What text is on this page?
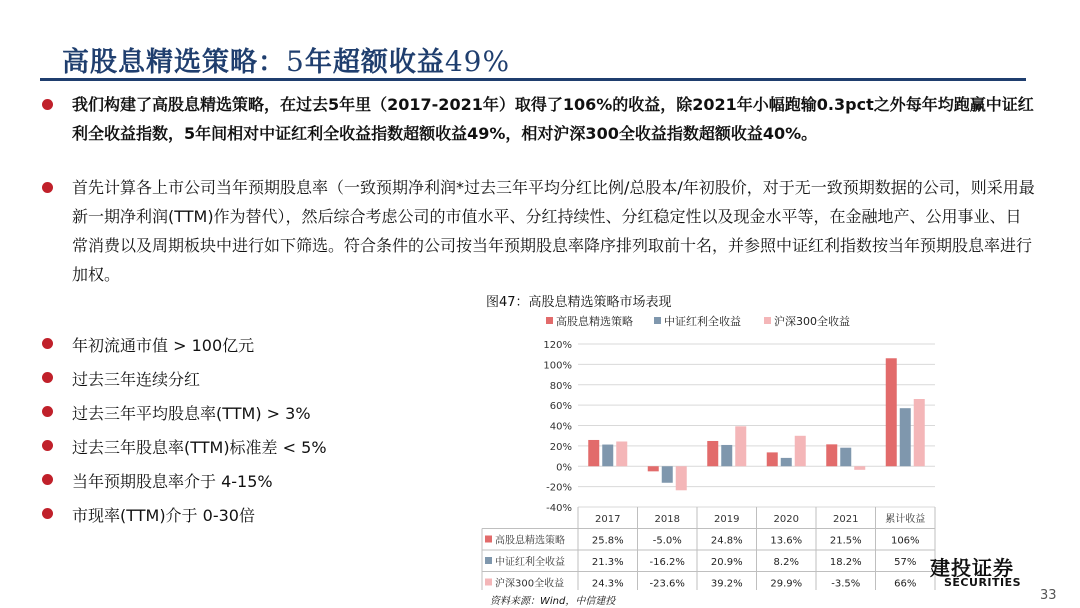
高股息精选策略：5年超额收益49%
我们构建了高股息精选策略，在过去5年里（2017-2021年）取得了106%的收益，除2021年小幅跑输0.3pct之外每年均跑赢中证红利全收益指数，5年间相对中证红利全收益指数超额收益49%，相对沪深300全收益指数超额收益40%。
首先计算各上市公司当年预期股息率（一致预期净利润*过去三年平均分红比例/总股本/年初股价，对于无一致预期数据的公司，则采用最新一期净利润(TTM)作为替代），然后综合考虑公司的市值水平、分红持续性、分红稳定性以及现金水平等，在金融地产、公用事业、日常消费以及周期板块中进行如下筛选。符合条件的公司按当年预期股息率降序排列取前十名，并参照中证红利指数按当年预期股息率进行加权。
年初流通市值 > 100亿元
过去三年连续分红
过去三年平均股息率(TTM) > 3%
过去三年股息率(TTM)标准差 < 5%
当年预期股息率介于 4-15%
市现率(TTM)介于 0-30倍
图47：高股息精选策略市场表现
高股息精选策略	中证红利全收益	沪深300全收益
120%
100%
80%
60%
40%
20%
0%
-20%
-40%
2017	2018	2019	2020	2021	累计收益
高股息精选策略	25.8%	-5.0%	24.8%	13.6%	21.5%	106%
中证红利全收益	21.3%	-16.2%	20.9%	8.2%	18.2%	57%
沪深300全收益	24.3%	-23.6%	39.2%	29.9%	-3.5%	66%
资料来源：Wind，中信建投
建投证券
SECURITIES
33
